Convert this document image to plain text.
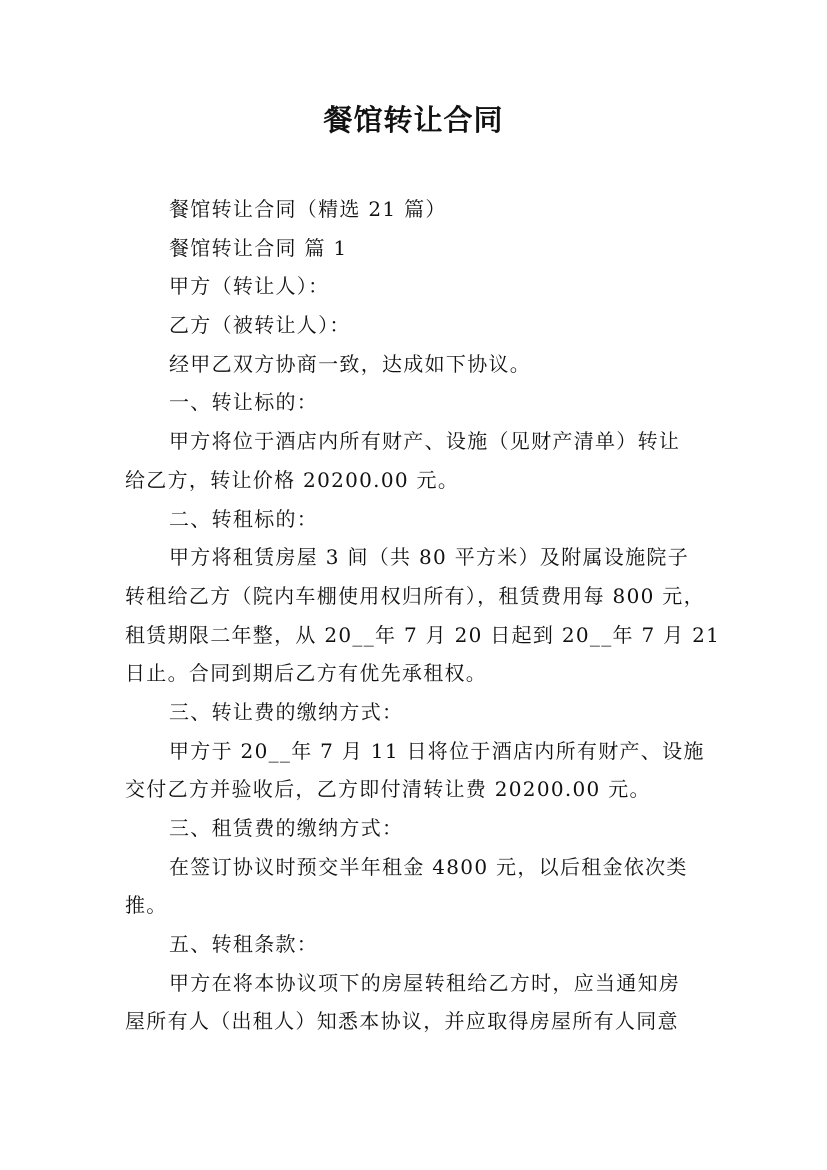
餐馆转让合同
餐馆转让合同（精选 21 篇）
餐馆转让合同 篇 1
甲方（转让人）：
乙方（被转让人）：
经甲乙双方协商一致，达成如下协议。
一、转让标的：
甲方将位于酒店内所有财产、设施（见财产清单）转让
给乙方，转让价格 20200.00 元。
二、转租标的：
甲方将租赁房屋 3 间（共 80 平方米）及附属设施院子
转租给乙方（院内车棚使用权归所有），租赁费用每 800 元，
租赁期限二年整，从 20__年 7 月 20 日起到 20__年 7 月 21
日止。合同到期后乙方有优先承租权。
三、转让费的缴纳方式：
甲方于 20__年 7 月 11 日将位于酒店内所有财产、设施
交付乙方并验收后，乙方即付清转让费 20200.00 元。
三、租赁费的缴纳方式：
在签订协议时预交半年租金 4800 元，以后租金依次类
推。
五、转租条款：
甲方在将本协议项下的房屋转租给乙方时，应当通知房
屋所有人（出租人）知悉本协议，并应取得房屋所有人同意
